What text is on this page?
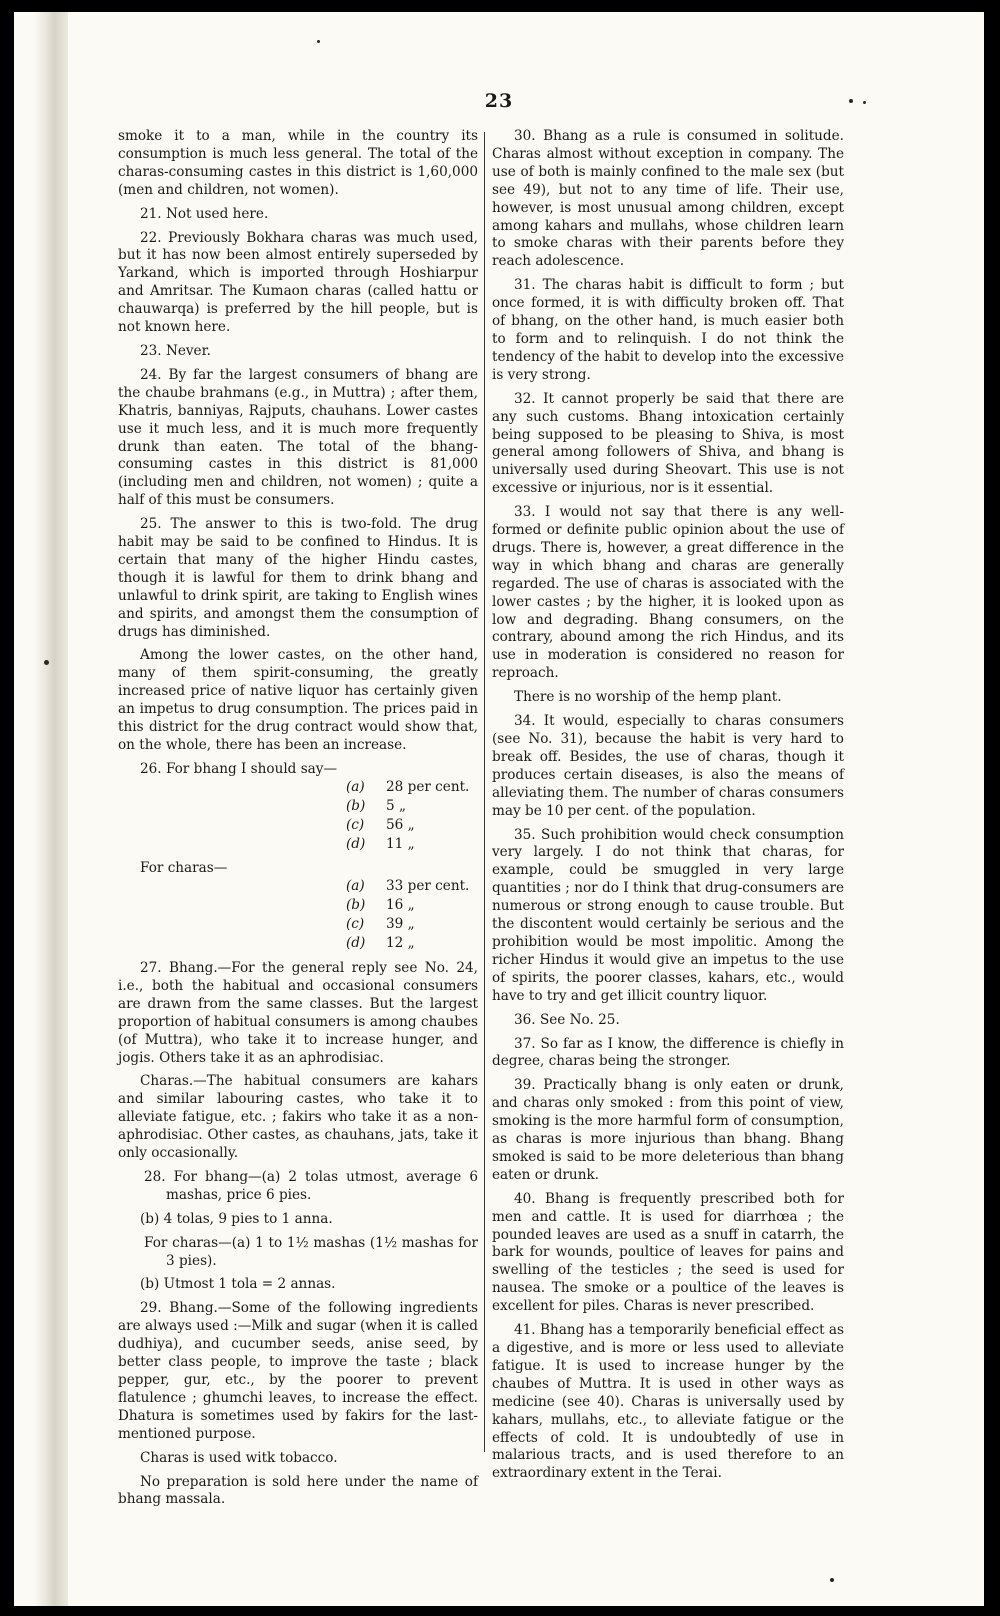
23

smoke it to a man, while in the country its consumption is much less general. The total of the charas-consuming castes in this district is 1,60,000 (men and children, not women).

21. Not used here.

22. Previously Bokhara charas was much used, but it has now been almost entirely superseded by Yarkand, which is imported through Hoshiarpur and Amritsar. The Kumaon charas (called hattu or chauwarqa) is preferred by the hill people, but is not known here.

23. Never.

24. By far the largest consumers of bhang are the chaube brahmans (e.g., in Muttra) ; after them, Khatris, banniyas, Rajputs, chauhans. Lower castes use it much less, and it is much more frequently drunk than eaten. The total of the bhang-consuming castes in this district is 81,000 (including men and children, not women) ; quite a half of this must be consumers.

25. The answer to this is two-fold. The drug habit may be said to be confined to Hindus. It is certain that many of the higher Hindu castes, though it is lawful for them to drink bhang and unlawful to drink spirit, are taking to English wines and spirits, and amongst them the consumption of drugs has diminished.

Among the lower castes, on the other hand, many of them spirit-consuming, the greatly increased price of native liquor has certainly given an impetus to drug consumption. The prices paid in this district for the drug contract would show that, on the whole, there has been an increase.

26. For bhang I should say—

(a)	28 per cent.
(b)	5 „
(c)	56 „
(d)	11 „

For charas—

(a)	33 per cent.
(b)	16 „
(c)	39 „
(d)	12 „

27. Bhang.—For the general reply see No. 24, i.e., both the habitual and occasional consumers are drawn from the same classes. But the largest proportion of habitual consumers is among chaubes (of Muttra), who take it to increase hunger, and jogis. Others take it as an aphrodisiac.

Charas.—The habitual consumers are kahars and similar labouring castes, who take it to alleviate fatigue, etc. ; fakirs who take it as a non-aphrodisiac. Other castes, as chauhans, jats, take it only occasionally.

28. For bhang—(a) 2 tolas utmost, average 6 mashas, price 6 pies.

(b) 4 tolas, 9 pies to 1 anna.

For charas—(a) 1 to 1½ mashas (1½ mashas for 3 pies).

(b) Utmost 1 tola = 2 annas.

29. Bhang.—Some of the following ingredients are always used :—Milk and sugar (when it is called dudhiya), and cucumber seeds, anise seed, by better class people, to improve the taste ; black pepper, gur, etc., by the poorer to prevent flatulence ; ghumchi leaves, to increase the effect. Dhatura is sometimes used by fakirs for the last-mentioned purpose.

Charas is used witk tobacco.

No preparation is sold here under the name of bhang massala.

30. Bhang as a rule is consumed in solitude. Charas almost without exception in company. The use of both is mainly confined to the male sex (but see 49), but not to any time of life. Their use, however, is most unusual among children, except among kahars and mullahs, whose children learn to smoke charas with their parents before they reach adolescence.

31. The charas habit is difficult to form ; but once formed, it is with difficulty broken off. That of bhang, on the other hand, is much easier both to form and to relinquish. I do not think the tendency of the habit to develop into the excessive is very strong.

32. It cannot properly be said that there are any such customs. Bhang intoxication certainly being supposed to be pleasing to Shiva, is most general among followers of Shiva, and bhang is universally used during Sheovart. This use is not excessive or injurious, nor is it essential.

33. I would not say that there is any well-formed or definite public opinion about the use of drugs. There is, however, a great difference in the way in which bhang and charas are generally regarded. The use of charas is associated with the lower castes ; by the higher, it is looked upon as low and degrading. Bhang consumers, on the contrary, abound among the rich Hindus, and its use in moderation is considered no reason for reproach.

There is no worship of the hemp plant.

34. It would, especially to charas consumers (see No. 31), because the habit is very hard to break off. Besides, the use of charas, though it produces certain diseases, is also the means of alleviating them. The number of charas consumers may be 10 per cent. of the population.

35. Such prohibition would check consumption very largely. I do not think that charas, for example, could be smuggled in very large quantities ; nor do I think that drug-consumers are numerous or strong enough to cause trouble. But the discontent would certainly be serious and the prohibition would be most impolitic. Among the richer Hindus it would give an impetus to the use of spirits, the poorer classes, kahars, etc., would have to try and get illicit country liquor.

36. See No. 25.

37. So far as I know, the difference is chiefly in degree, charas being the stronger.

39. Practically bhang is only eaten or drunk, and charas only smoked : from this point of view, smoking is the more harmful form of consumption, as charas is more injurious than bhang. Bhang smoked is said to be more deleterious than bhang eaten or drunk.

40. Bhang is frequently prescribed both for men and cattle. It is used for diarrhœa ; the pounded leaves are used as a snuff in catarrh, the bark for wounds, poultice of leaves for pains and swelling of the testicles ; the seed is used for nausea. The smoke or a poultice of the leaves is excellent for piles. Charas is never prescribed.

41. Bhang has a temporarily beneficial effect as a digestive, and is more or less used to alleviate fatigue. It is used to increase hunger by the chaubes of Muttra. It is used in other ways as medicine (see 40). Charas is universally used by kahars, mullahs, etc., to alleviate fatigue or the effects of cold. It is undoubtedly of use in malarious tracts, and is used therefore to an extraordinary extent in the Terai.
